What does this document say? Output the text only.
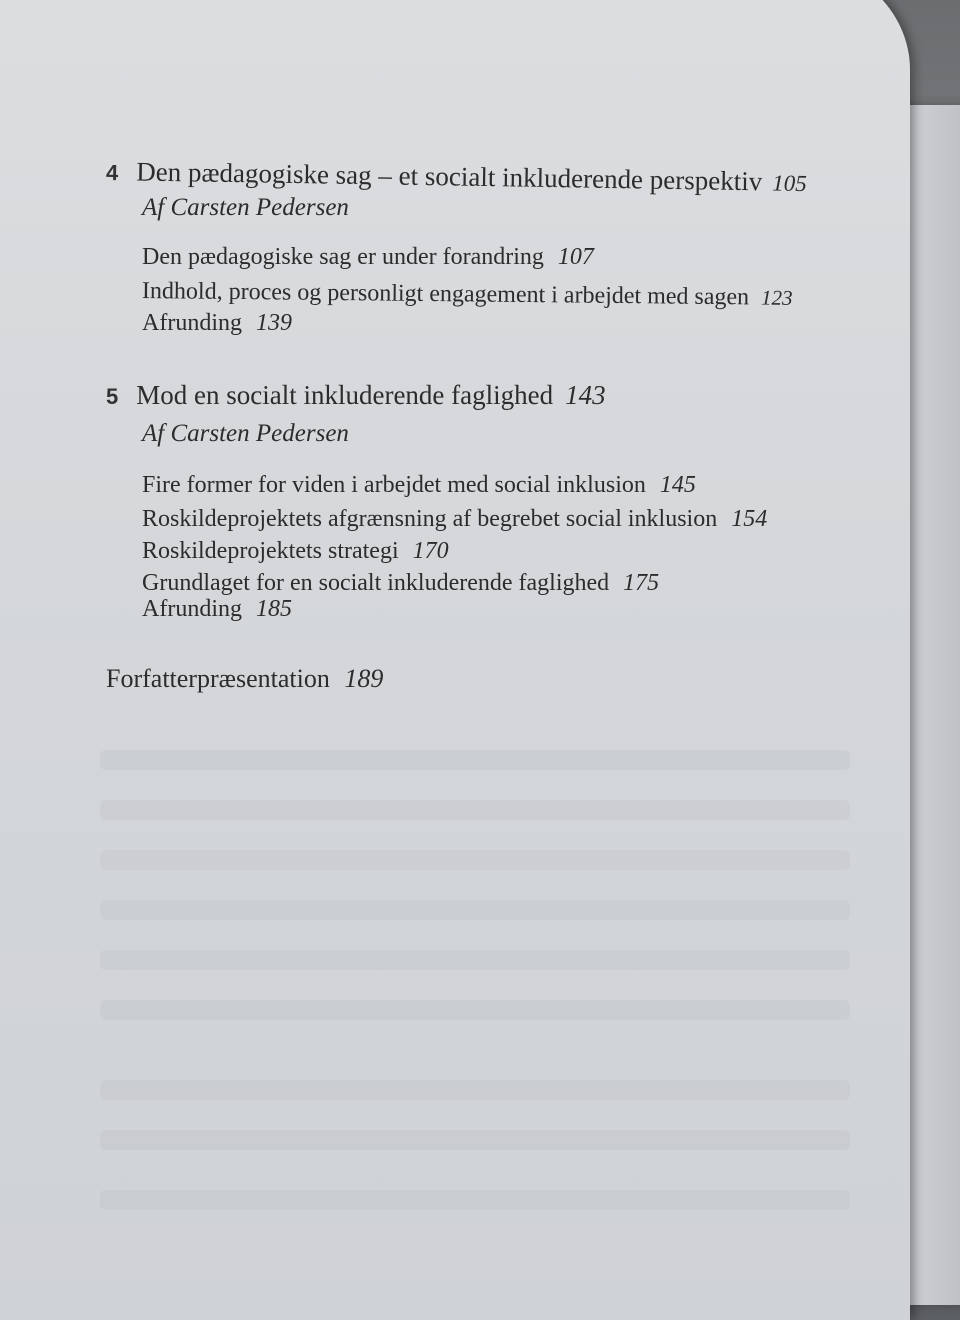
4 Den pædagogiske sag – et socialt inkluderende perspektiv 105
Af Carsten Pedersen
Den pædagogiske sag er under forandring 107
Indhold, proces og personligt engagement i arbejdet med sagen 123
Afrunding 139
5 Mod en socialt inkluderende faglighed 143
Af Carsten Pedersen
Fire former for viden i arbejdet med social inklusion 145
Roskildeprojektets afgrænsning af begrebet social inklusion 154
Roskildeprojektets strategi 170
Grundlaget for en socialt inkluderende faglighed 175
Afrunding 185
Forfatterpræsentation 189
